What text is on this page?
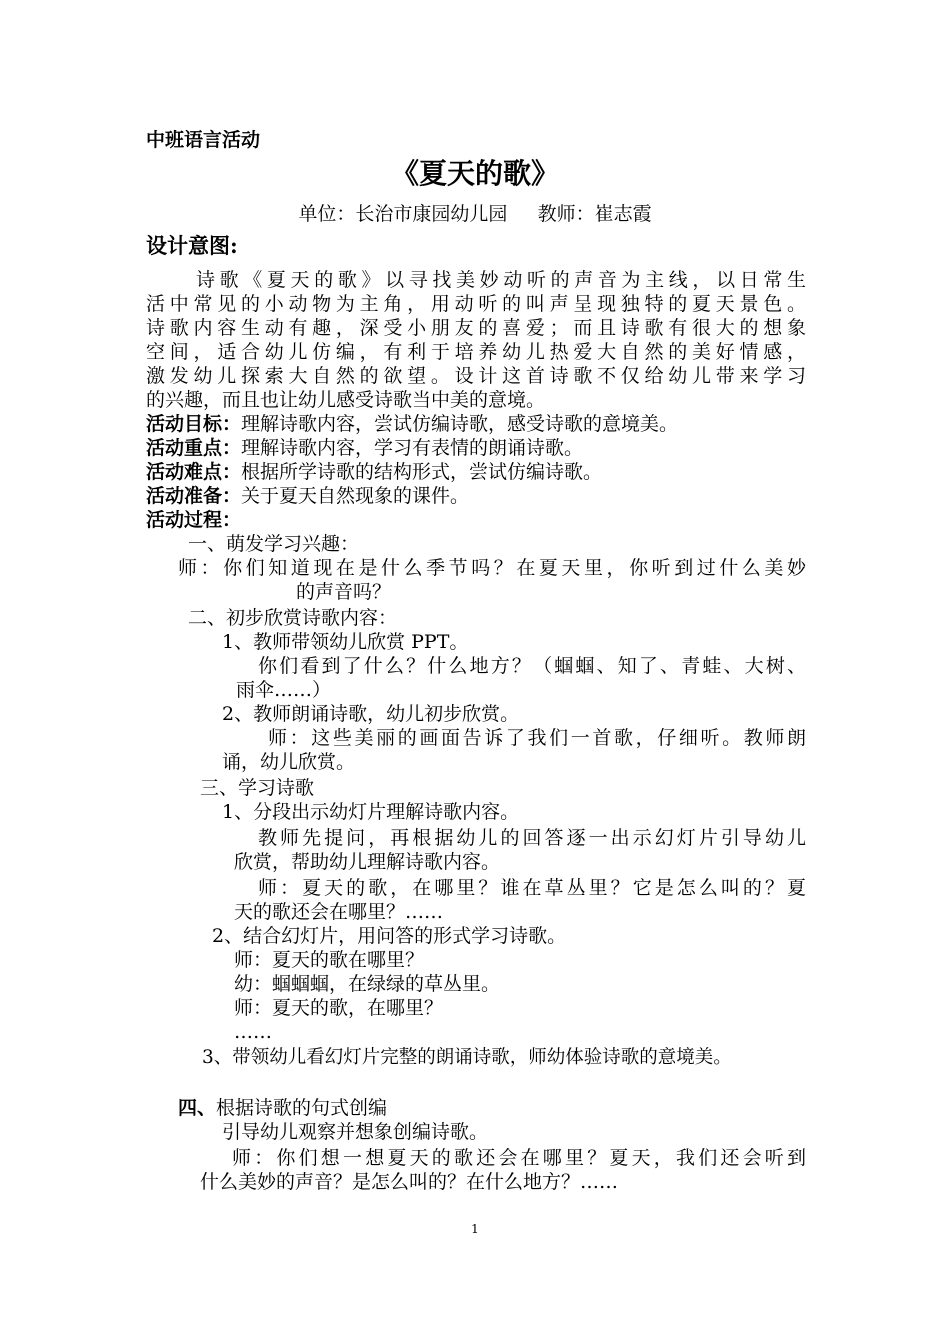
中班语言活动
《夏天的歌》
单位：长治市康园幼儿园     教师：崔志霞
设计意图:
诗歌《夏天的歌》以寻找美妙动听的声音为主线，以日常生
活中常见的小动物为主角，用动听的叫声呈现独特的夏天景色。
诗歌内容生动有趣，深受小朋友的喜爱；而且诗歌有很大的想象
空间，适合幼儿仿编，有利于培养幼儿热爱大自然的美好情感，
激发幼儿探索大自然的欲望。设计这首诗歌不仅给幼儿带来学习
的兴趣，而且也让幼儿感受诗歌当中美的意境。
活动目标：理解诗歌内容，尝试仿编诗歌，感受诗歌的意境美。
活动重点：理解诗歌内容，学习有表情的朗诵诗歌。
活动难点：根据所学诗歌的结构形式，尝试仿编诗歌。
活动准备：关于夏天自然现象的课件。
活动过程：
一、萌发学习兴趣：
师：你们知道现在是什么季节吗？在夏天里，你听到过什么美妙
的声音吗？
二、初步欣赏诗歌内容：
1、教师带领幼儿欣赏 PPT。
你们看到了什么？什么地方？（蝈蝈、知了、青蛙、大树、
雨伞……）
2、教师朗诵诗歌，幼儿初步欣赏。
师：这些美丽的画面告诉了我们一首歌，仔细听。教师朗
诵，幼儿欣赏。
三、学习诗歌
1、分段出示幼灯片理解诗歌内容。
教师先提问，再根据幼儿的回答逐一出示幻灯片引导幼儿
欣赏，帮助幼儿理解诗歌内容。
师：夏天的歌，在哪里？谁在草丛里？它是怎么叫的？夏
天的歌还会在哪里？……
2、结合幻灯片，用问答的形式学习诗歌。
师：夏天的歌在哪里？
幼：蝈蝈蝈，在绿绿的草丛里。
师：夏天的歌，在哪里？
……
3、带领幼儿看幻灯片完整的朗诵诗歌，师幼体验诗歌的意境美。
四、根据诗歌的句式创编
引导幼儿观察并想象创编诗歌。
师：你们想一想夏天的歌还会在哪里？夏天，我们还会听到
什么美妙的声音？是怎么叫的？在什么地方？……
1
